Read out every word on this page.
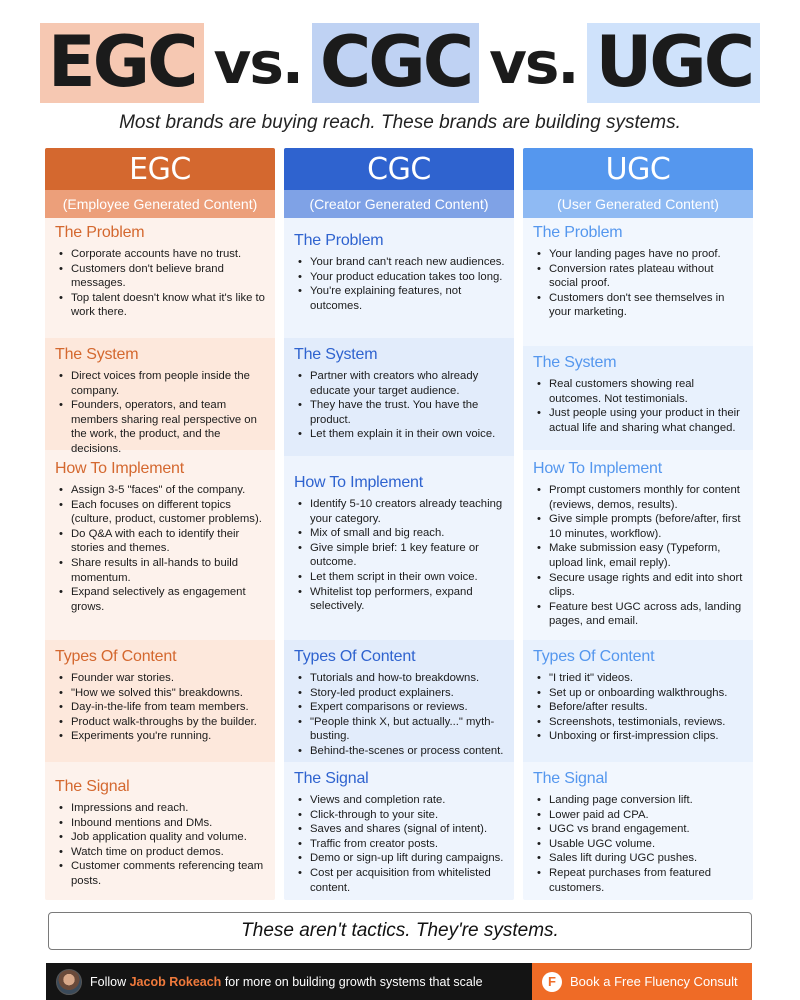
EGC vs. CGC vs. UGC
Most brands are buying reach. These brands are building systems.
EGC
(Employee Generated Content)
The Problem
• Corporate accounts have no trust.
• Customers don't believe brand messages.
• Top talent doesn't know what it's like to work there.
The System
• Direct voices from people inside the company.
• Founders, operators, and team members sharing real perspective on the work, the product, and the decisions.
How To Implement
• Assign 3-5 "faces" of the company.
• Each focuses on different topics (culture, product, customer problems).
• Do Q&A with each to identify their stories and themes.
• Share results in all-hands to build momentum.
• Expand selectively as engagement grows.
Types Of Content
• Founder war stories.
• "How we solved this" breakdowns.
• Day-in-the-life from team members.
• Product walk-throughs by the builder.
• Experiments you're running.
The Signal
• Impressions and reach.
• Inbound mentions and DMs.
• Job application quality and volume.
• Watch time on product demos.
• Customer comments referencing team posts.
CGC
(Creator Generated Content)
The Problem
• Your brand can't reach new audiences.
• Your product education takes too long.
• You're explaining features, not outcomes.
The System
• Partner with creators who already educate your target audience.
• They have the trust. You have the product.
• Let them explain it in their own voice.
How To Implement
• Identify 5-10 creators already teaching your category.
• Mix of small and big reach.
• Give simple brief: 1 key feature or outcome.
• Let them script in their own voice.
• Whitelist top performers, expand selectively.
Types Of Content
• Tutorials and how-to breakdowns.
• Story-led product explainers.
• Expert comparisons or reviews.
• "People think X, but actually..." myth-busting.
• Behind-the-scenes or process content.
The Signal
• Views and completion rate.
• Click-through to your site.
• Saves and shares (signal of intent).
• Traffic from creator posts.
• Demo or sign-up lift during campaigns.
• Cost per acquisition from whitelisted content.
UGC
(User Generated Content)
The Problem
• Your landing pages have no proof.
• Conversion rates plateau without social proof.
• Customers don't see themselves in your marketing.
The System
• Real customers showing real outcomes. Not testimonials.
• Just people using your product in their actual life and sharing what changed.
How To Implement
• Prompt customers monthly for content (reviews, demos, results).
• Give simple prompts (before/after, first 10 minutes, workflow).
• Make submission easy (Typeform, upload link, email reply).
• Secure usage rights and edit into short clips.
• Feature best UGC across ads, landing pages, and email.
Types Of Content
• "I tried it" videos.
• Set up or onboarding walkthroughs.
• Before/after results.
• Screenshots, testimonials, reviews.
• Unboxing or first-impression clips.
The Signal
• Landing page conversion lift.
• Lower paid ad CPA.
• UGC vs brand engagement.
• Usable UGC volume.
• Sales lift during UGC pushes.
• Repeat purchases from featured customers.
These aren't tactics. They're systems.
Follow Jacob Rokeach for more on building growth systems that scale	F	Book a Free Fluency Consult
